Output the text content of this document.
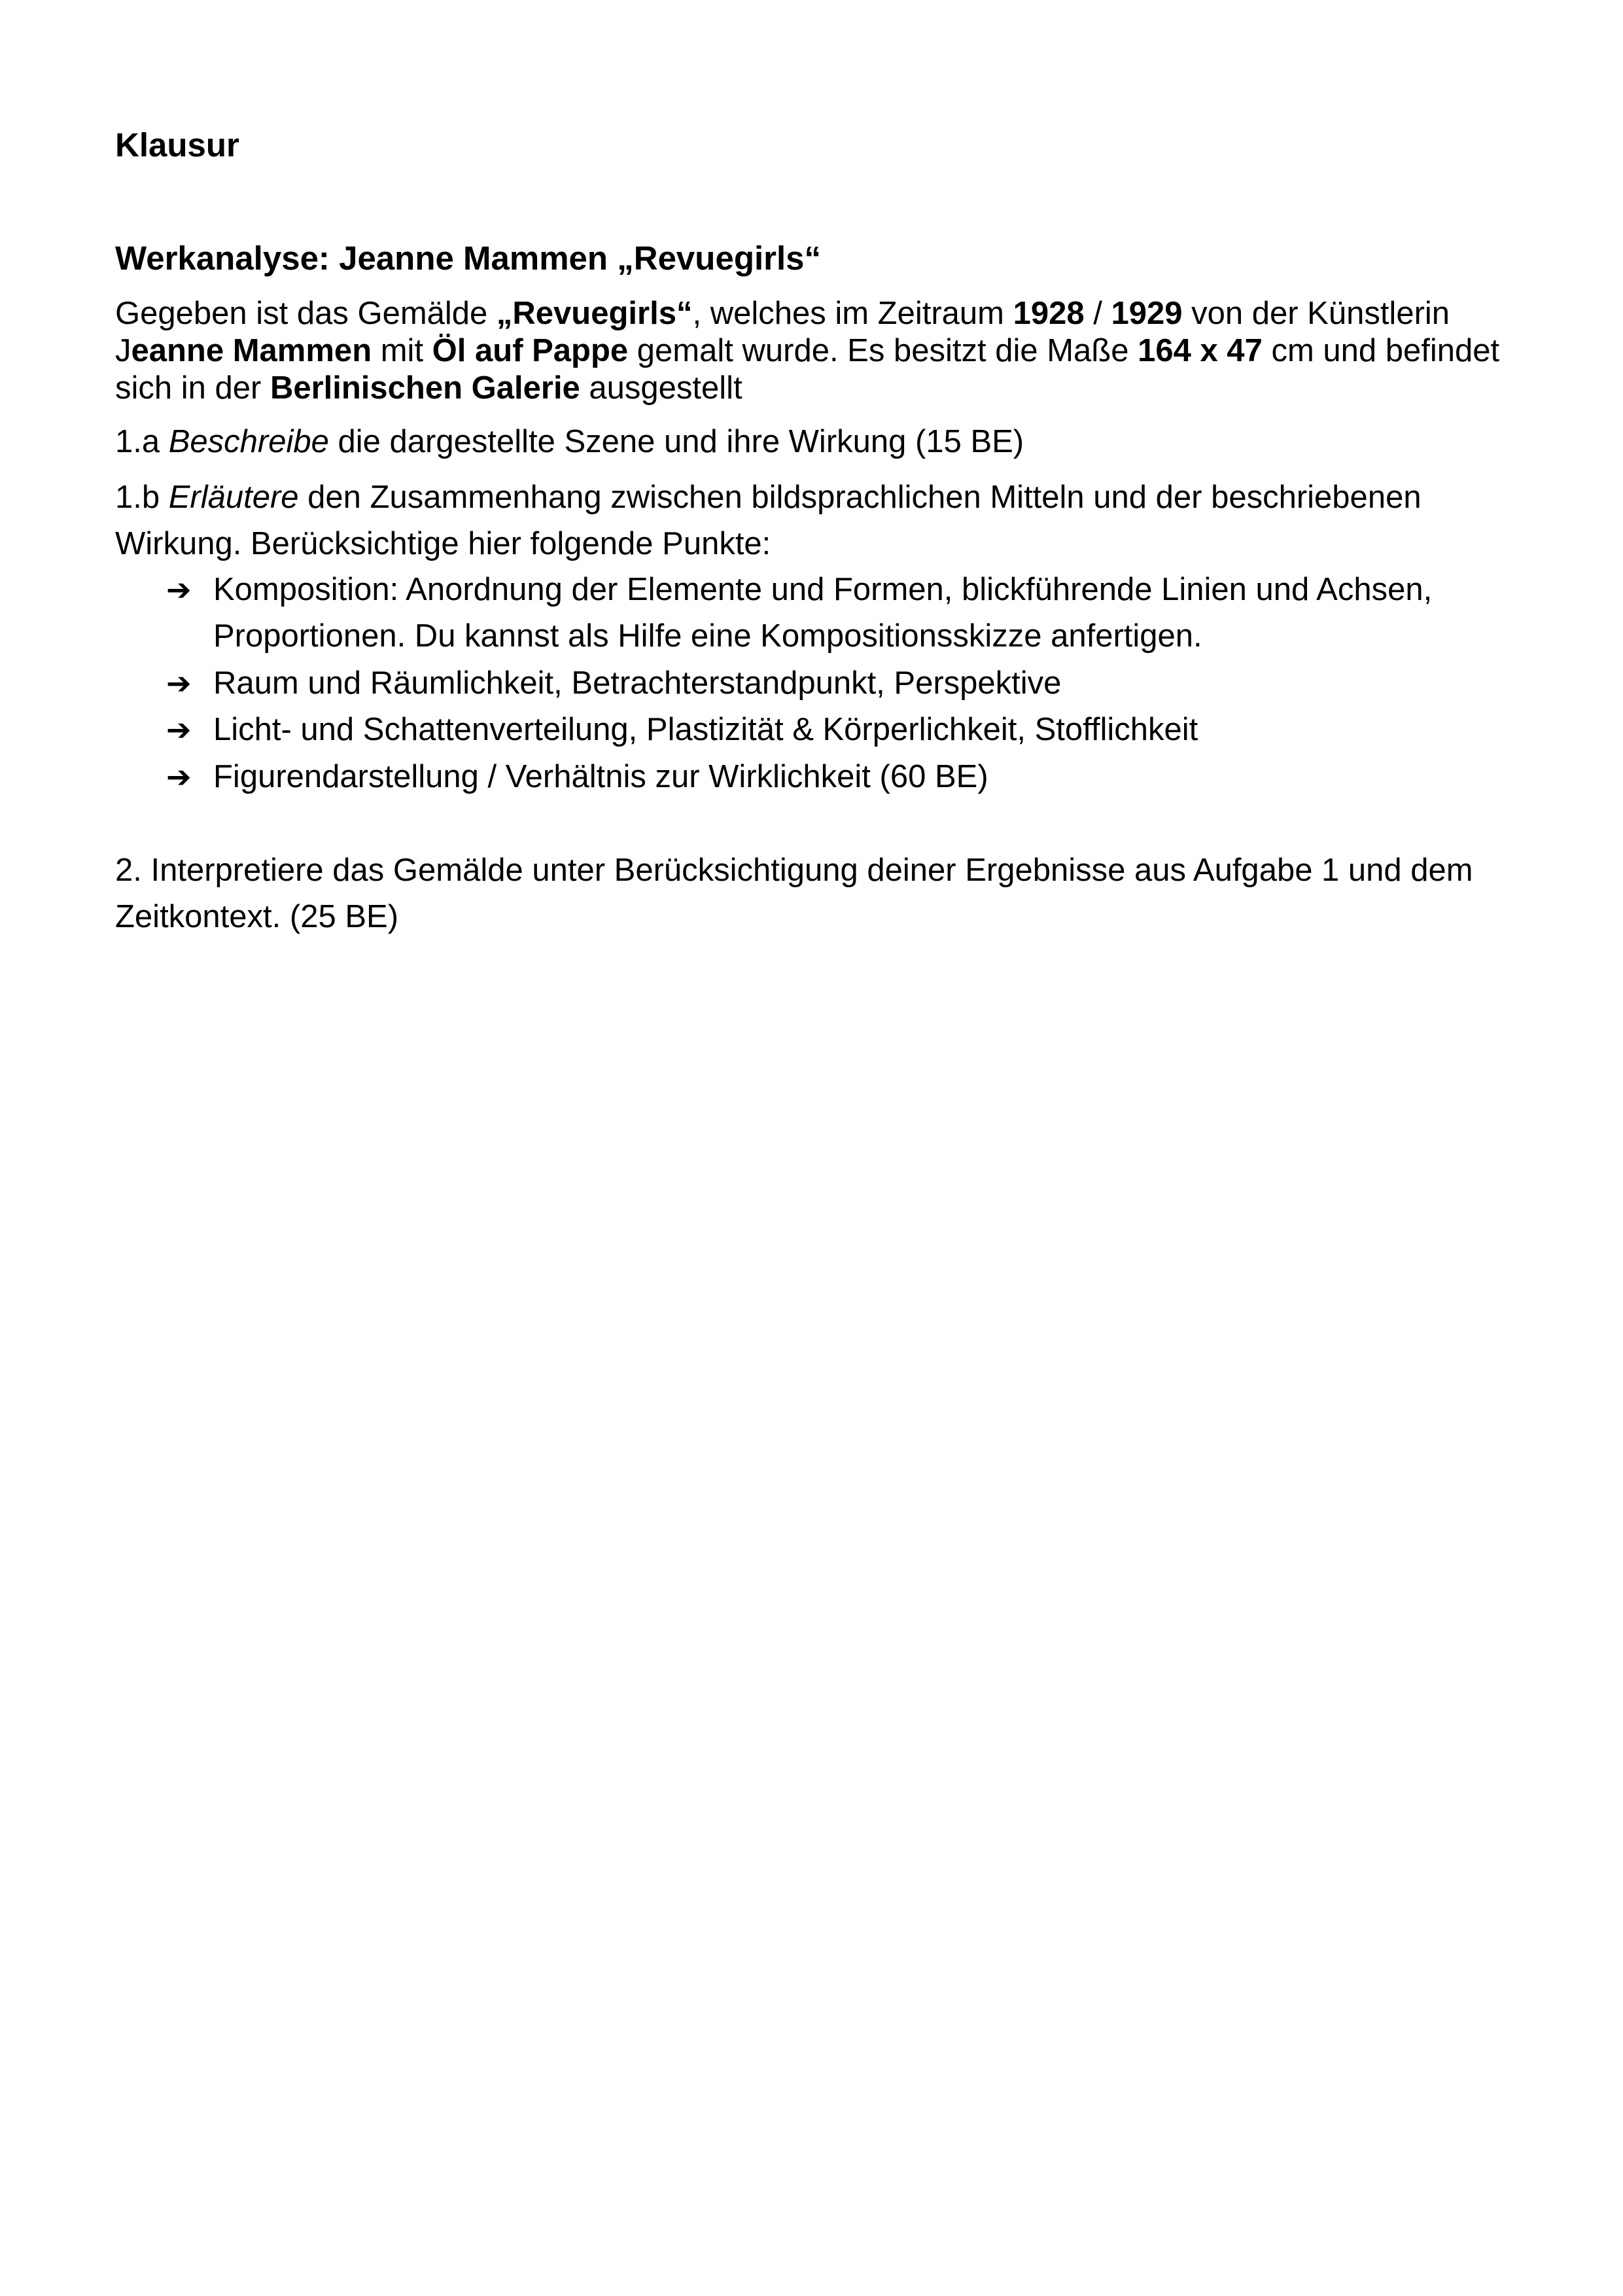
Klausur
Werkanalyse: Jeanne Mammen „Revuegirls“
Gegeben ist das Gemälde „Revuegirls“, welches im Zeitraum 1928 / 1929 von der Künstlerin
Jeanne Mammen mit Öl auf Pappe gemalt wurde. Es besitzt die Maße 164 x 47 cm und befindet
sich in der Berlinischen Galerie ausgestellt
1.a Beschreibe die dargestellte Szene und ihre Wirkung (15 BE)
1.b Erläutere den Zusammenhang zwischen bildsprachlichen Mitteln und der beschriebenen
Wirkung. Berücksichtige hier folgende Punkte:
➔ Komposition: Anordnung der Elemente und Formen, blickführende Linien und Achsen,
Proportionen. Du kannst als Hilfe eine Kompositionsskizze anfertigen.
➔ Raum und Räumlichkeit, Betrachterstandpunkt, Perspektive
➔ Licht- und Schattenverteilung, Plastizität & Körperlichkeit, Stofflichkeit
➔ Figurendarstellung / Verhältnis zur Wirklichkeit (60 BE)
2. Interpretiere das Gemälde unter Berücksichtigung deiner Ergebnisse aus Aufgabe 1 und dem
Zeitkontext. (25 BE)
